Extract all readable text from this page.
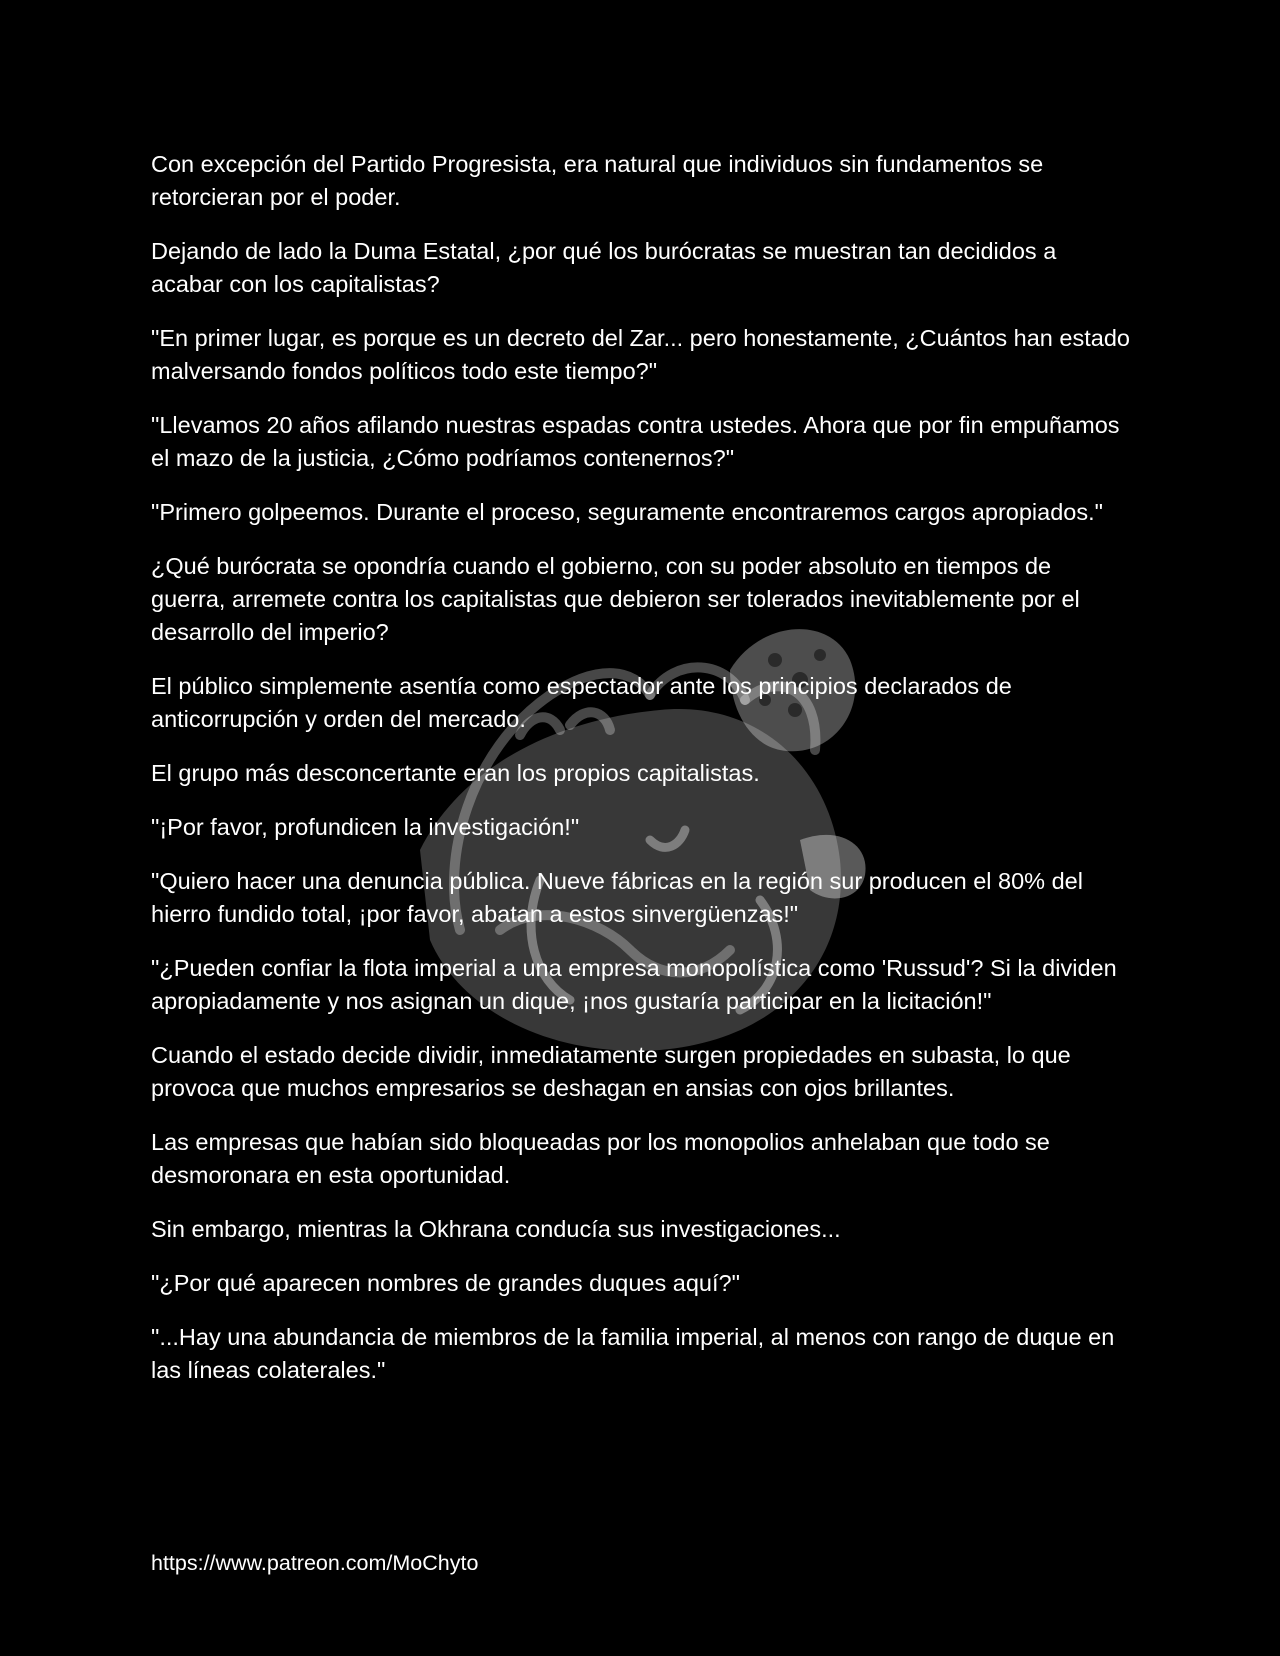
Con excepción del Partido Progresista, era natural que individuos sin fundamentos se retorcieran por el poder.

Dejando de lado la Duma Estatal, ¿por qué los burócratas se muestran tan decididos a acabar con los capitalistas?

"En primer lugar, es porque es un decreto del Zar... pero honestamente, ¿Cuántos han estado malversando fondos políticos todo este tiempo?"

"Llevamos 20 años afilando nuestras espadas contra ustedes. Ahora que por fin empuñamos el mazo de la justicia, ¿Cómo podríamos contenernos?"

"Primero golpeemos. Durante el proceso, seguramente encontraremos cargos apropiados."

¿Qué burócrata se opondría cuando el gobierno, con su poder absoluto en tiempos de guerra, arremete contra los capitalistas que debieron ser tolerados inevitablemente por el desarrollo del imperio?

El público simplemente asentía como espectador ante los principios declarados de anticorrupción y orden del mercado.

El grupo más desconcertante eran los propios capitalistas.

"¡Por favor, profundicen la investigación!"

"Quiero hacer una denuncia pública. Nueve fábricas en la región sur producen el 80% del hierro fundido total, ¡por favor, abatan a estos sinvergüenzas!"

"¿Pueden confiar la flota imperial a una empresa monopolística como 'Russud'? Si la dividen apropiadamente y nos asignan un dique, ¡nos gustaría participar en la licitación!"

Cuando el estado decide dividir, inmediatamente surgen propiedades en subasta, lo que provoca que muchos empresarios se deshagan en ansias con ojos brillantes.

Las empresas que habían sido bloqueadas por los monopolios anhelaban que todo se desmoronara en esta oportunidad.

Sin embargo, mientras la Okhrana conducía sus investigaciones...

"¿Por qué aparecen nombres de grandes duques aquí?"

"...Hay una abundancia de miembros de la familia imperial, al menos con rango de duque en las líneas colaterales."

https://www.patreon.com/MoChyto
